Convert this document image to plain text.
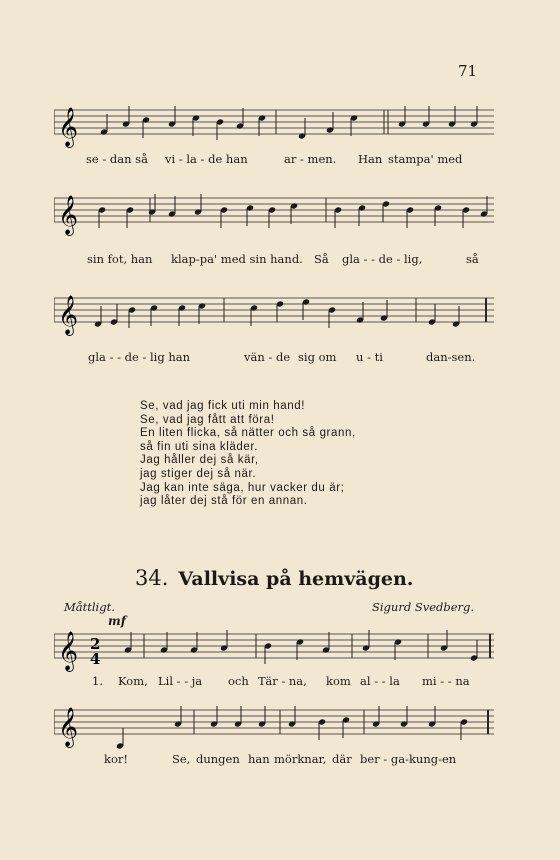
71
𝄞
se - dan så vi - la - de han	ar - men. Han stampa' med
𝄞
sin fot, han klap-pa' med sin hand. Så gla - - de - lig,	så
𝄞
gla - - de - lig han	vän - de sig om u - ti	dan-sen.
Se, vad jag fick uti min hand!
Se, vad jag fått att föra!
En liten flicka, så nätter och så grann,
så fin uti sina kläder.
Jag håller dej så kär,
jag stiger dej så när.
Jag kan inte säga, hur vacker du är;
jag låter dej stå för en annan.
34. Vallvisa på hemvägen.
Måttligt.	Sigurd Svedberg.
mf
2
4
𝄞
1. Kom, Lil - - ja och Tär - na, kom al - - la mi - - na
𝄞
kor!	Se, dungen han mörknar, där ber - ga-kung-en
